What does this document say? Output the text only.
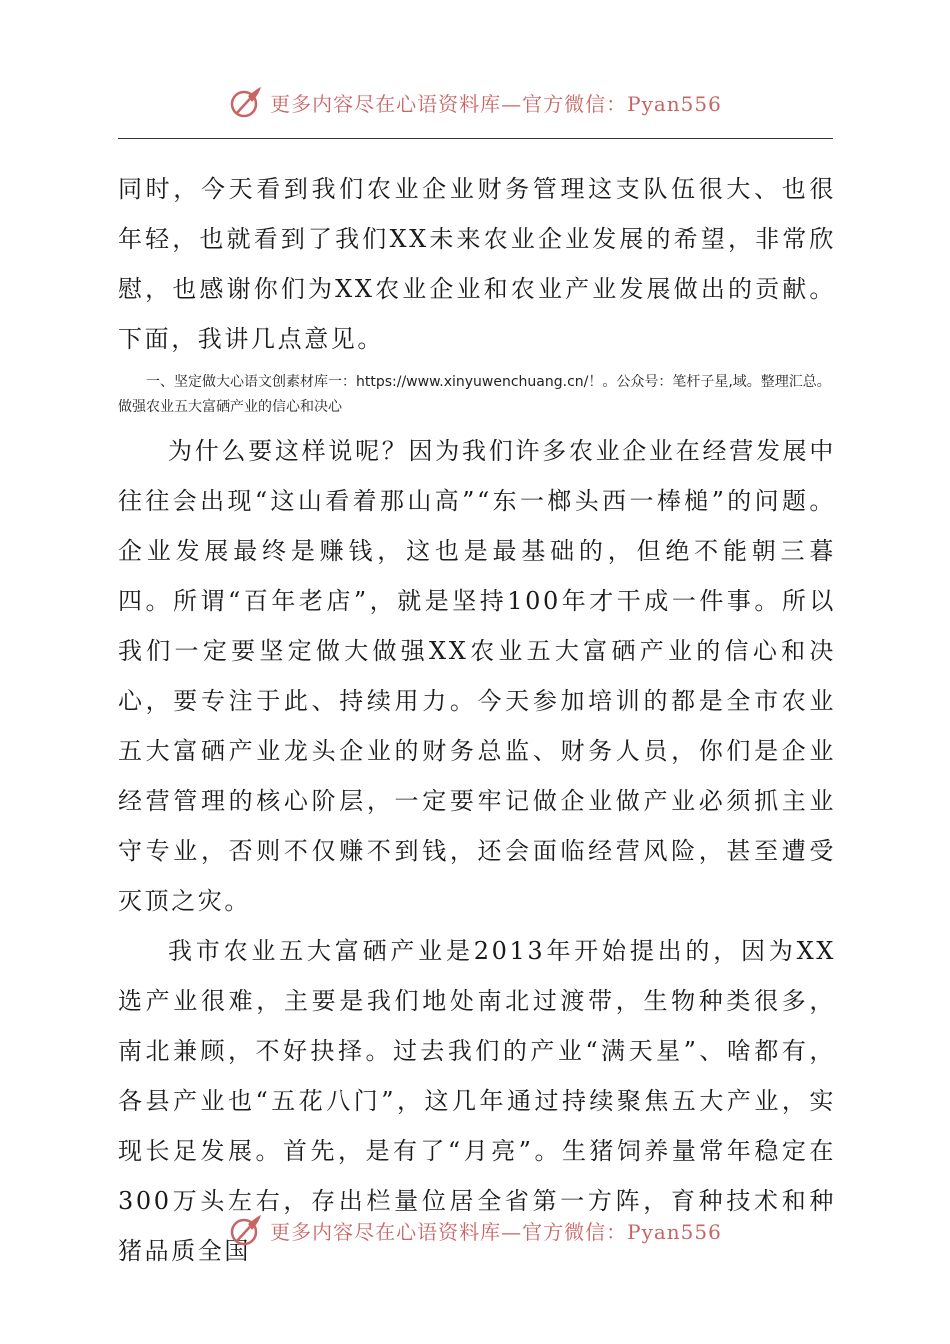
更多内容尽在心语资料库—官方微信：Pyan556

同时，今天看到我们农业企业财务管理这支队伍很大、也很年轻，也就看到了我们XX未来农业企业发展的希望，非常欣慰，也感谢你们为XX农业企业和农业产业发展做出的贡献。下面，我讲几点意见。

一、坚定做大心语文创素材库一：https://www.xinyuwenchuang.cn/！。公众号：笔杆子星,域。整理汇总。做强农业五大富硒产业的信心和决心

为什么要这样说呢？因为我们许多农业企业在经营发展中往往会出现“这山看着那山高”“东一榔头西一棒槌”的问题。企业发展最终是赚钱，这也是最基础的，但绝不能朝三暮四。所谓“百年老店”，就是坚持100年才干成一件事。所以我们一定要坚定做大做强XX农业五大富硒产业的信心和决心，要专注于此、持续用力。今天参加培训的都是全市农业五大富硒产业龙头企业的财务总监、财务人员，你们是企业经营管理的核心阶层，一定要牢记做企业做产业必须抓主业守专业，否则不仅赚不到钱，还会面临经营风险，甚至遭受灭顶之灾。

我市农业五大富硒产业是2013年开始提出的，因为XX选产业很难，主要是我们地处南北过渡带，生物种类很多，南北兼顾，不好抉择。过去我们的产业“满天星”、啥都有，各县产业也“五花八门”，这几年通过持续聚焦五大产业，实现长足发展。首先，是有了“月亮”。生猪饲养量常年稳定在300万头左右，存出栏量位居全省第一方阵，育种技术和种猪品质全国

更多内容尽在心语资料库—官方微信：Pyan556
